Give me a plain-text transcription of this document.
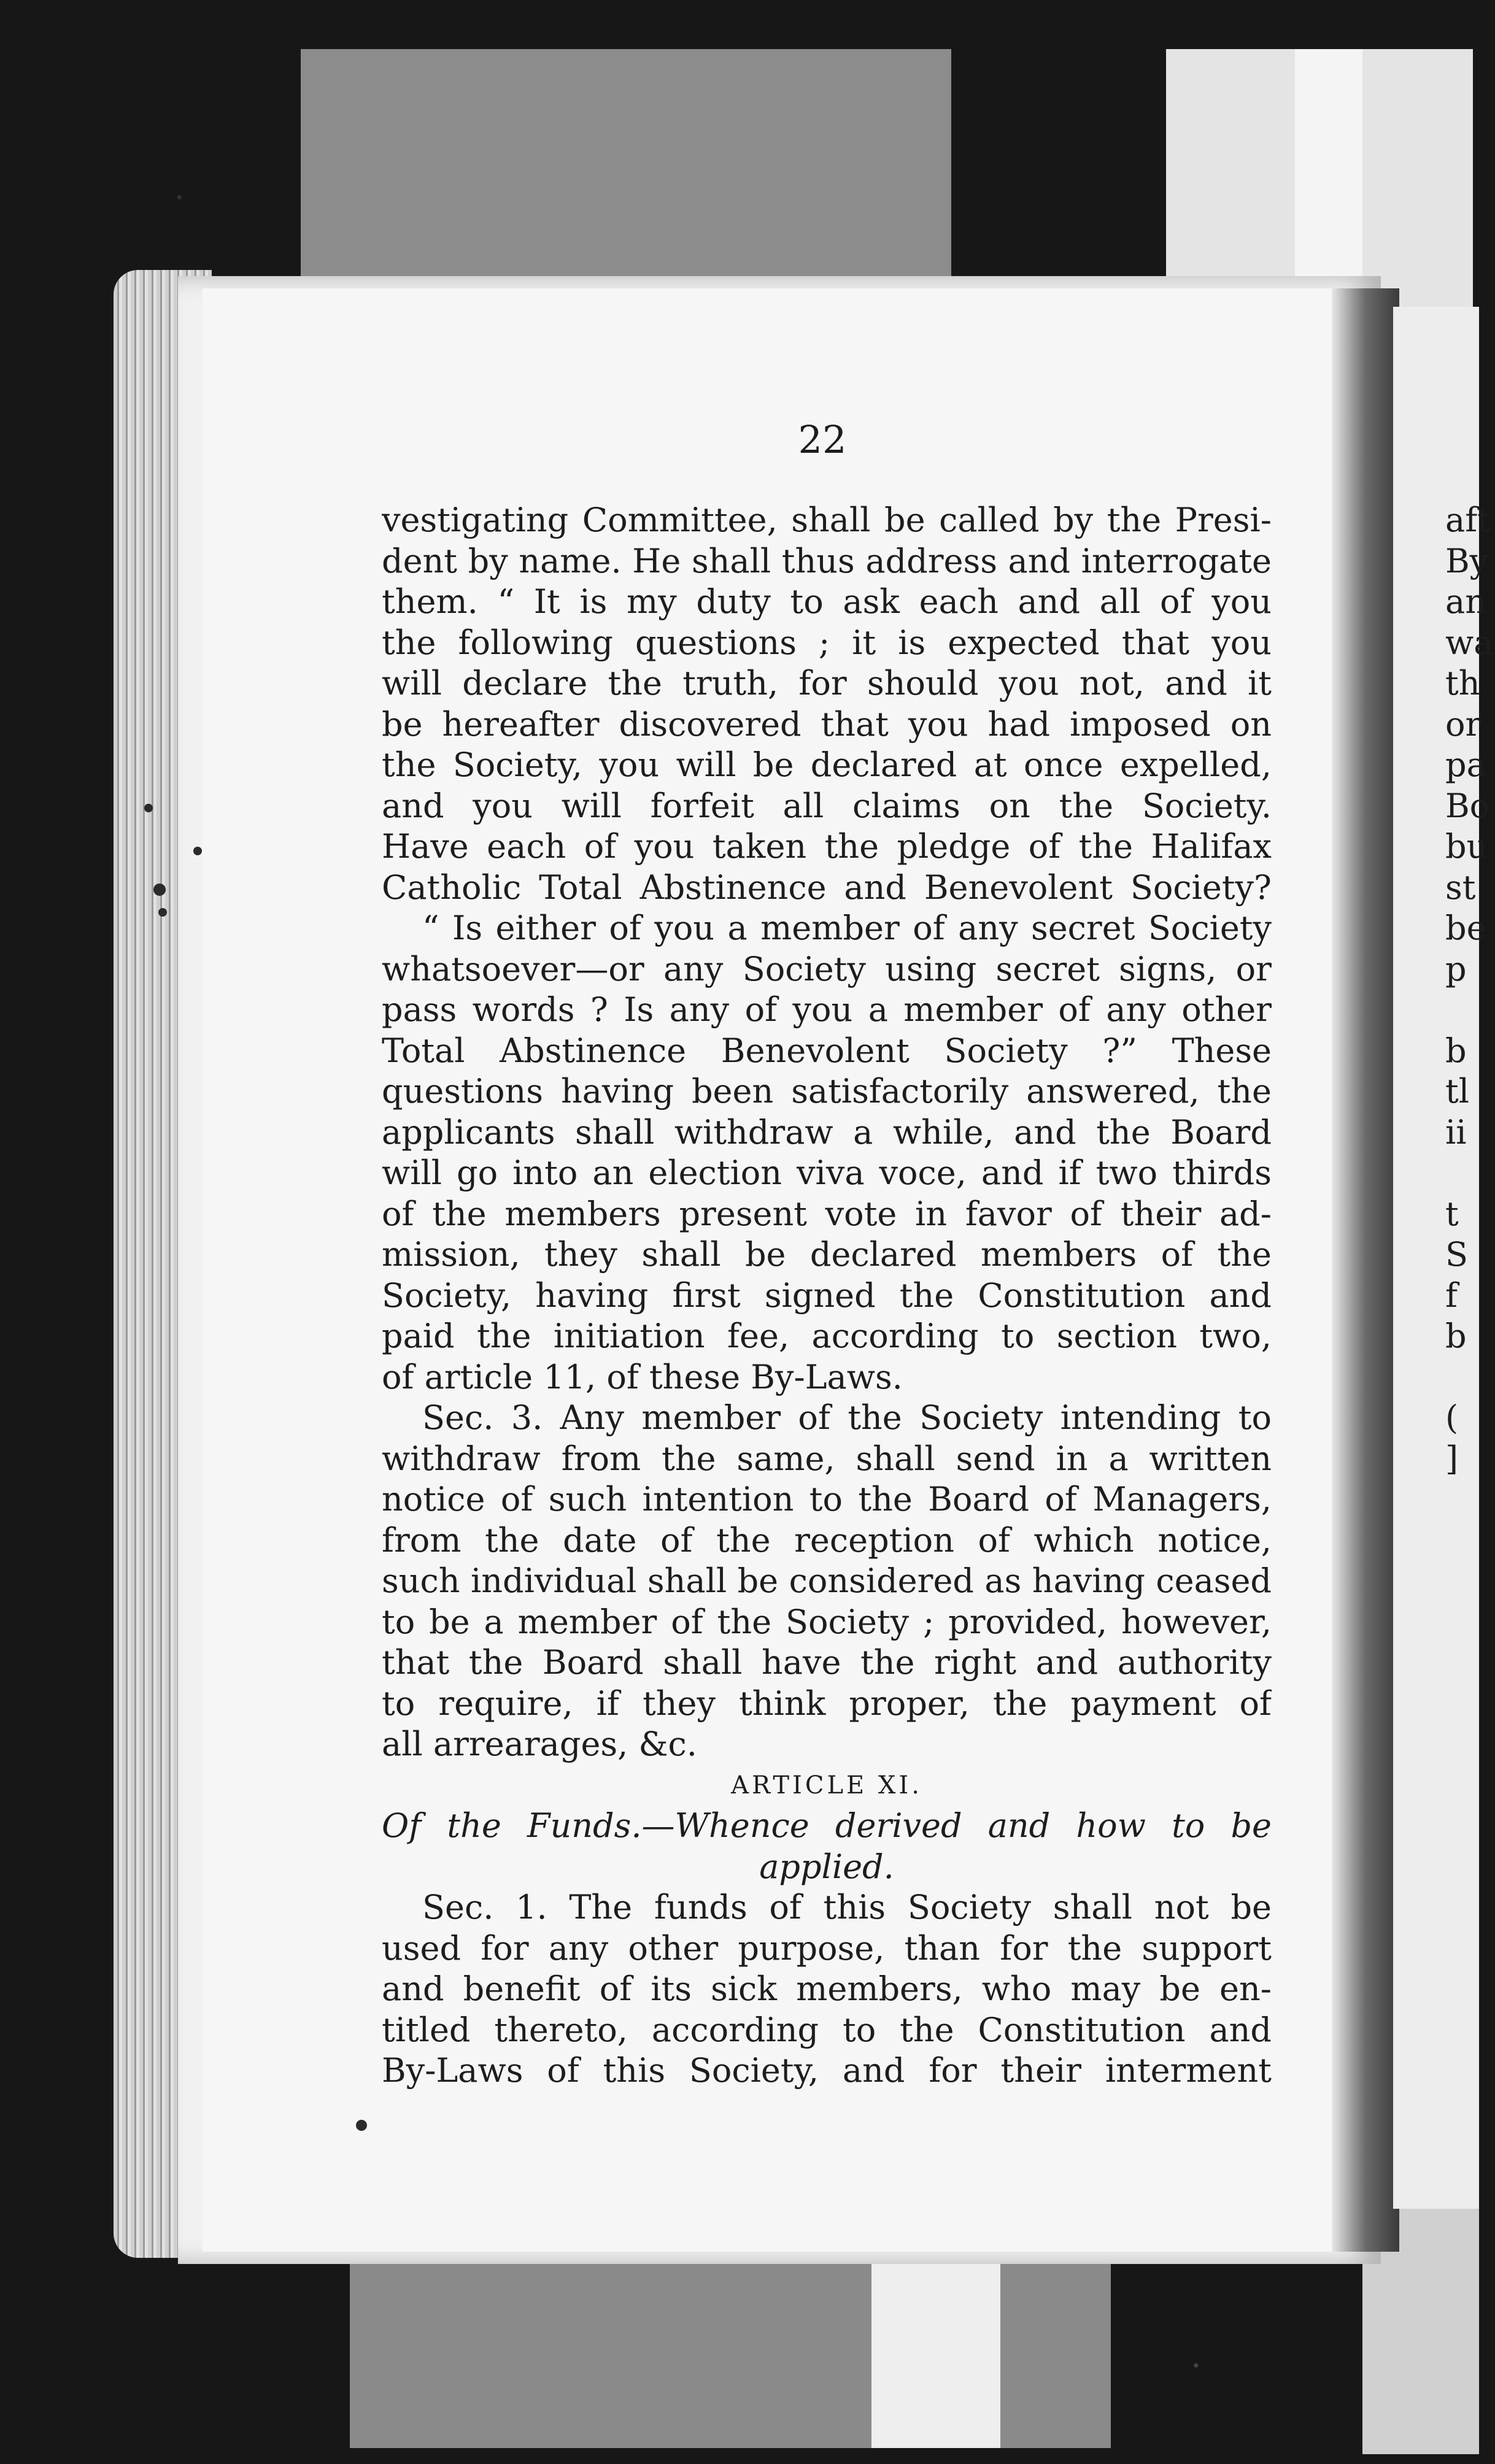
22
vestigating Committee, shall be called by the Presi-
dent by name. He shall thus address and interrogate
them. “ It is my duty to ask each and all of you
the following questions ; it is expected that you
will declare the truth, for should you not, and it
be hereafter discovered that you had imposed on
the Society, you will be declared at once expelled,
and you will forfeit all claims on the Society.
Have each of you taken the pledge of the Halifax
Catholic Total Abstinence and Benevolent Society?
“ Is either of you a member of any secret Society
whatsoever—or any Society using secret signs, or
pass words ? Is any of you a member of any other
Total Abstinence Benevolent Society ?” These
questions having been satisfactorily answered, the
applicants shall withdraw a while, and the Board
will go into an election viva voce, and if two thirds
of the members present vote in favor of their ad-
mission, they shall be declared members of the
Society, having first signed the Constitution and
paid the initiation fee, according to section two,
of article 11, of these By-Laws.
Sec. 3. Any member of the Society intending to
withdraw from the same, shall send in a written
notice of such intention to the Board of Managers,
from the date of the reception of which notice,
such individual shall be considered as having ceased
to be a member of the Society ; provided, however,
that the Board shall have the right and authority
to require, if they think proper, the payment of
all arrearages, &c.
ARTICLE XI.
Of the Funds.—Whence derived and how to be
applied.
Sec. 1. The funds of this Society shall not be
used for any other purpose, than for the support
and benefit of its sick members, who may be en-
titled thereto, according to the Constitution and
By-Laws of this Society, and for their interment
aft
By
an
wa
th
or
pa
Bo
bu
st
be
p
b
tl
ii
t
S
f
b
(
]
